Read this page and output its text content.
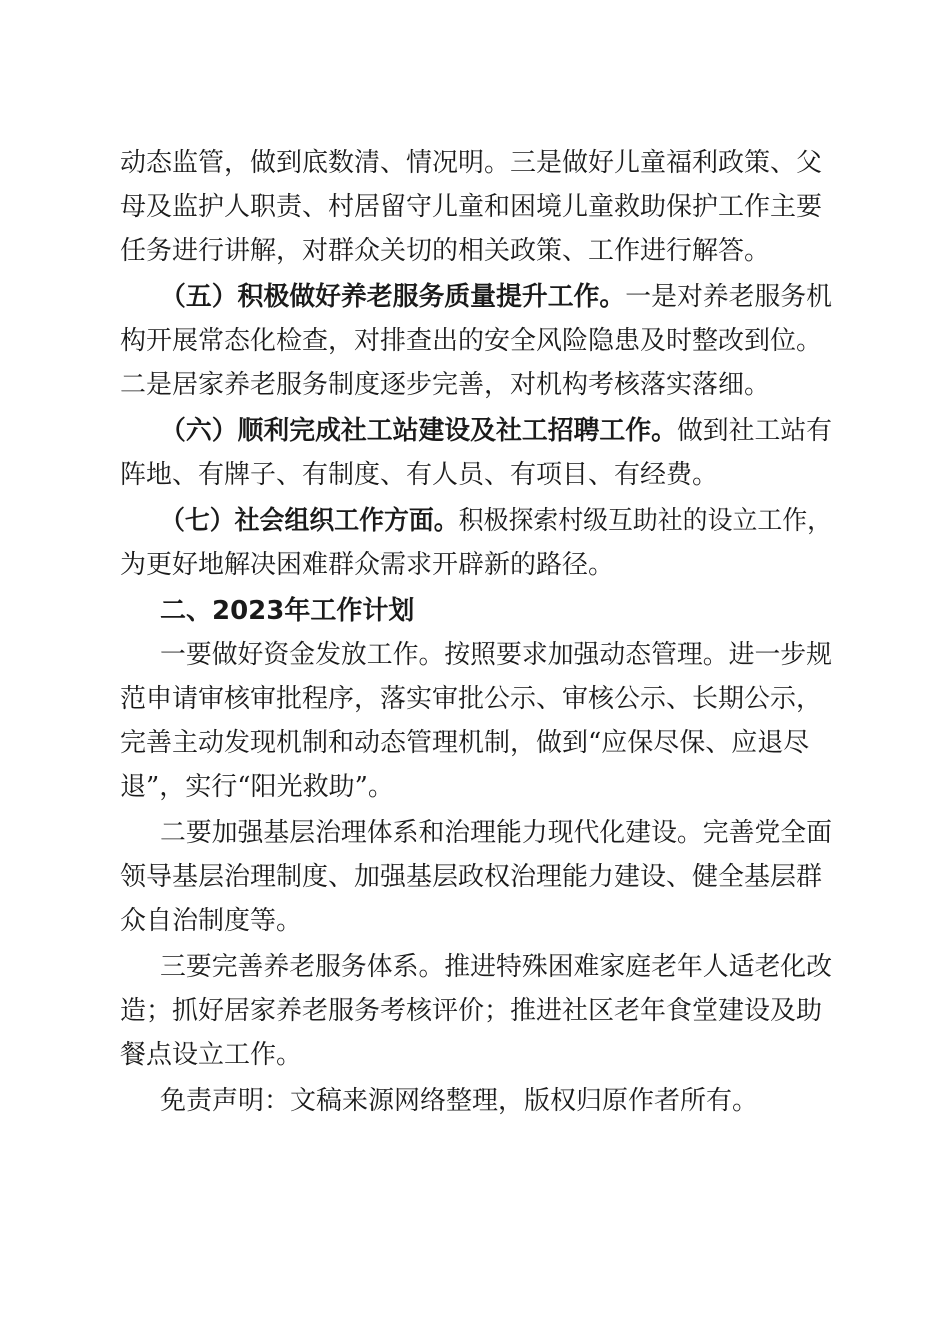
动态监管，做到底数清、情况明。三是做好儿童福利政策、父
母及监护人职责、村居留守儿童和困境儿童救助保护工作主要
任务进行讲解，对群众关切的相关政策、工作进行解答。
（五）积极做好养老服务质量提升工作。一是对养老服务机
构开展常态化检查，对排查出的安全风险隐患及时整改到位。
二是居家养老服务制度逐步完善，对机构考核落实落细。
（六）顺利完成社工站建设及社工招聘工作。做到社工站有
阵地、有牌子、有制度、有人员、有项目、有经费。
（七）社会组织工作方面。积极探索村级互助社的设立工作，
为更好地解决困难群众需求开辟新的路径。
二、2023年工作计划
一要做好资金发放工作。按照要求加强动态管理。进一步规
范申请审核审批程序，落实审批公示、审核公示、长期公示，
完善主动发现机制和动态管理机制，做到“应保尽保、应退尽
退”，实行“阳光救助”。
二要加强基层治理体系和治理能力现代化建设。完善党全面
领导基层治理制度、加强基层政权治理能力建设、健全基层群
众自治制度等。
三要完善养老服务体系。推进特殊困难家庭老年人适老化改
造；抓好居家养老服务考核评价；推进社区老年食堂建设及助
餐点设立工作。
免责声明：文稿来源网络整理，版权归原作者所有。
